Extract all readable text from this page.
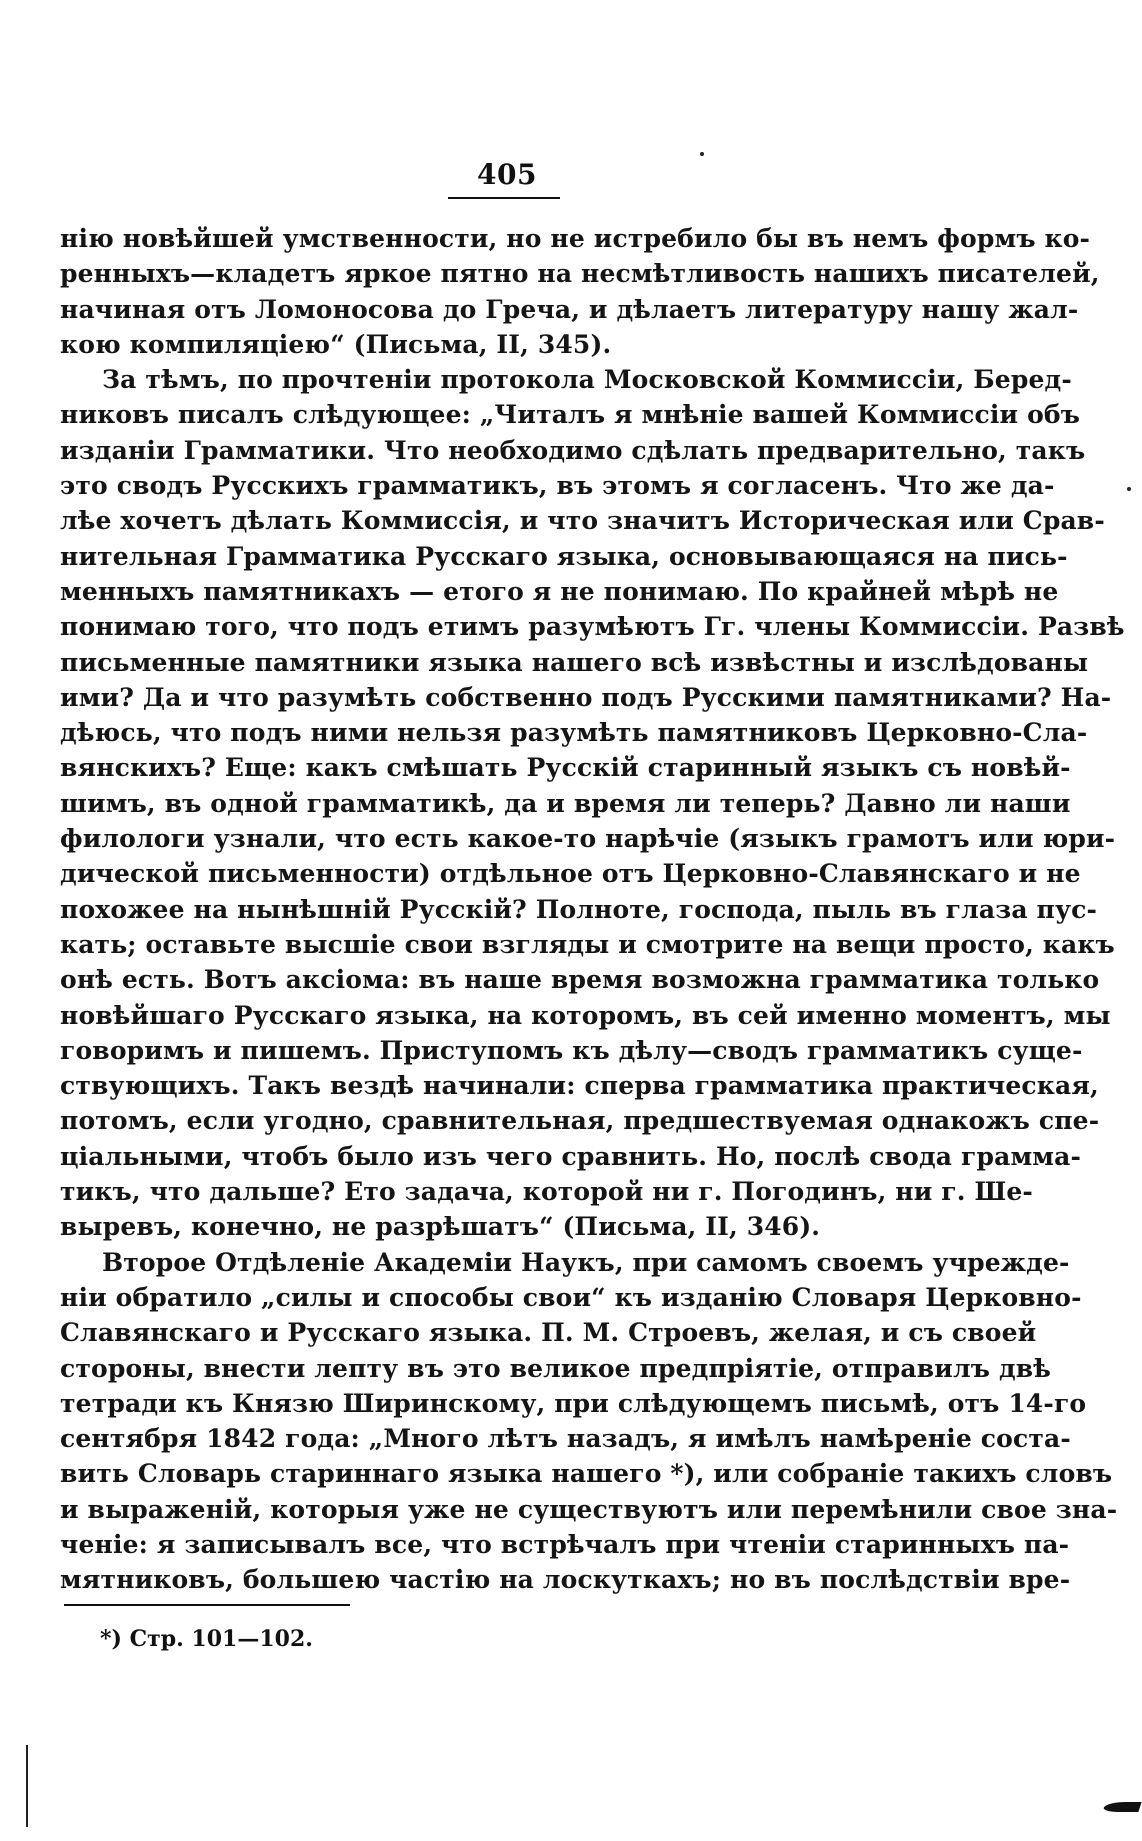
405
нію новѣйшей умственности, но не истребило бы въ немъ формъ ко-
ренныхъ—кладетъ яркое пятно на несмѣтливость нашихъ писателей,
начиная отъ Ломоносова до Греча, и дѣлаетъ литературу нашу жал-
кою компиляціею“ (Письма, II, 345).
За тѣмъ, по прочтеніи протокола Московской Коммиссіи, Беред-
никовъ писалъ слѣдующее: „Читалъ я мнѣніе вашей Коммиссіи объ
изданіи Грамматики. Что необходимо сдѣлать предварительно, такъ
это сводъ Русскихъ грамматикъ, въ этомъ я согласенъ. Что же да-
лѣе хочетъ дѣлать Коммиссія, и что значитъ Историческая или Срав-
нительная Грамматика Русскаго языка, основывающаяся на пись-
менныхъ памятникахъ — етого я не понимаю. По крайней мѣрѣ не
понимаю того, что подъ етимъ разумѣютъ Гг. члены Коммиссіи. Развѣ
письменные памятники языка нашего всѣ извѣстны и изслѣдованы
ими? Да и что разумѣть собственно подъ Русскими памятниками? На-
дѣюсь, что подъ ними нельзя разумѣть памятниковъ Церковно-Сла-
вянскихъ? Еще: какъ смѣшать Русскій старинный языкъ съ новѣй-
шимъ, въ одной грамматикѣ, да и время ли теперь? Давно ли наши
филологи узнали, что есть какое-то нарѣчіе (языкъ грамотъ или юри-
дической письменности) отдѣльное отъ Церковно-Славянскаго и не
похожее на нынѣшній Русскій? Полноте, господа, пыль въ глаза пус-
кать; оставьте высшіе свои взгляды и смотрите на вещи просто, какъ
онѣ есть. Вотъ аксіома: въ наше время возможна грамматика только
новѣйшаго Русскаго языка, на которомъ, въ сей именно моментъ, мы
говоримъ и пишемъ. Приступомъ къ дѣлу—сводъ грамматикъ суще-
ствующихъ. Такъ вездѣ начинали: сперва грамматика практическая,
потомъ, если угодно, сравнительная, предшествуемая однакожъ спе-
ціальными, чтобъ было изъ чего сравнить. Но, послѣ свода грамма-
тикъ, что дальше? Ето задача, которой ни г. Погодинъ, ни г. Ше-
выревъ, конечно, не разрѣшатъ“ (Письма, II, 346).
Второе Отдѣленіе Академіи Наукъ, при самомъ своемъ учрежде-
ніи обратило „силы и способы свои“ къ изданію Словаря Церковно-
Славянскаго и Русскаго языка. П. М. Строевъ, желая, и съ своей
стороны, внести лепту въ это великое предпріятіе, отправилъ двѣ
тетради къ Князю Ширинскому, при слѣдующемъ письмѣ, отъ 14-го
сентября 1842 года: „Много лѣтъ назадъ, я имѣлъ намѣреніе соста-
вить Словарь стариннаго языка нашего *), или собраніе такихъ словъ
и выраженій, которыя уже не существуютъ или перемѣнили свое зна-
ченіе: я записывалъ все, что встрѣчалъ при чтеніи старинныхъ па-
мятниковъ, большею частію на лоскуткахъ; но въ послѣдствіи вре-
*) Стр. 101—102.
